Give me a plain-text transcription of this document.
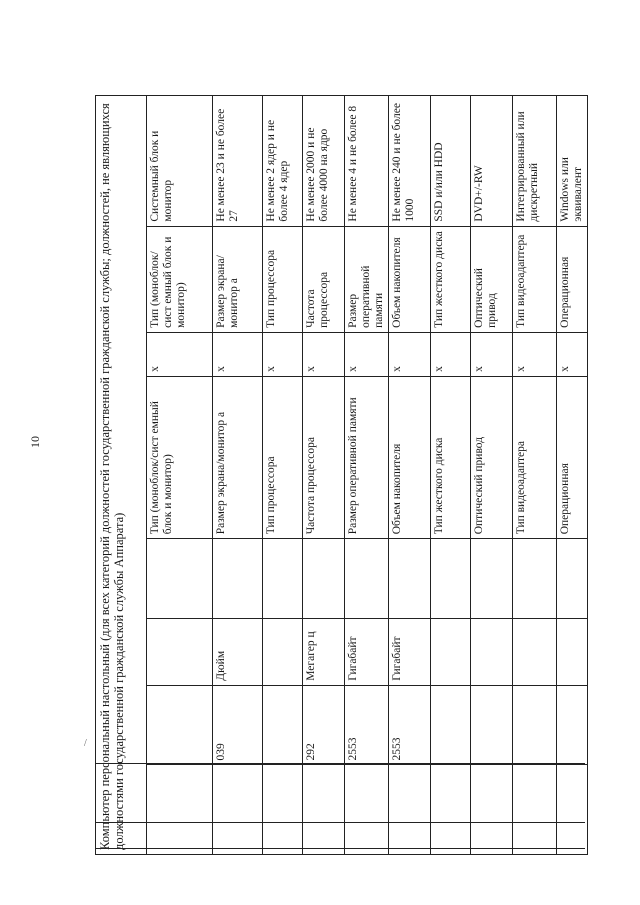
10	Компьютер персональный настольный (для всех категорий должностей государственной гражданской службы; должностей, не являющихся должностями государственной гражданской службы Аппарата)							
				Тип (моноблок/сист емный блок и монитор)	х	Тип (моноблок/сист емный блок и монитор)	Системный блок и монитор
	039	Дюйм		Размер экрана/монитор а	х	Размер экрана/монитор а	Не менее 23 и не более 27
				Тип процессора	х	Тип процессора	Не менее 2 ядер и не более 4 ядер
	292	Мегагер ц		Частота процессора	х	Частота процессора	Не менее 2000 и не более 4000 на ядро
	2553	Гигабайт		Размер оперативной памяти	х	Размер оперативной памяти	Не менее 4 и не более 8
	2553	Гигабайт		Объем накопителя	х	Объем накопителя	Не менее 240 и не более 1000
				Тип жесткого диска	х	Тип жесткого диска	SSD и/или HDD
				Оптический привод	х	Оптический привод	DVD+/-RW
				Тип видеоадаптера	х	Тип видеоадаптера	Интегрированный или дискретный
				Операционная	х	Операционная	Windows или эквивалент
/
